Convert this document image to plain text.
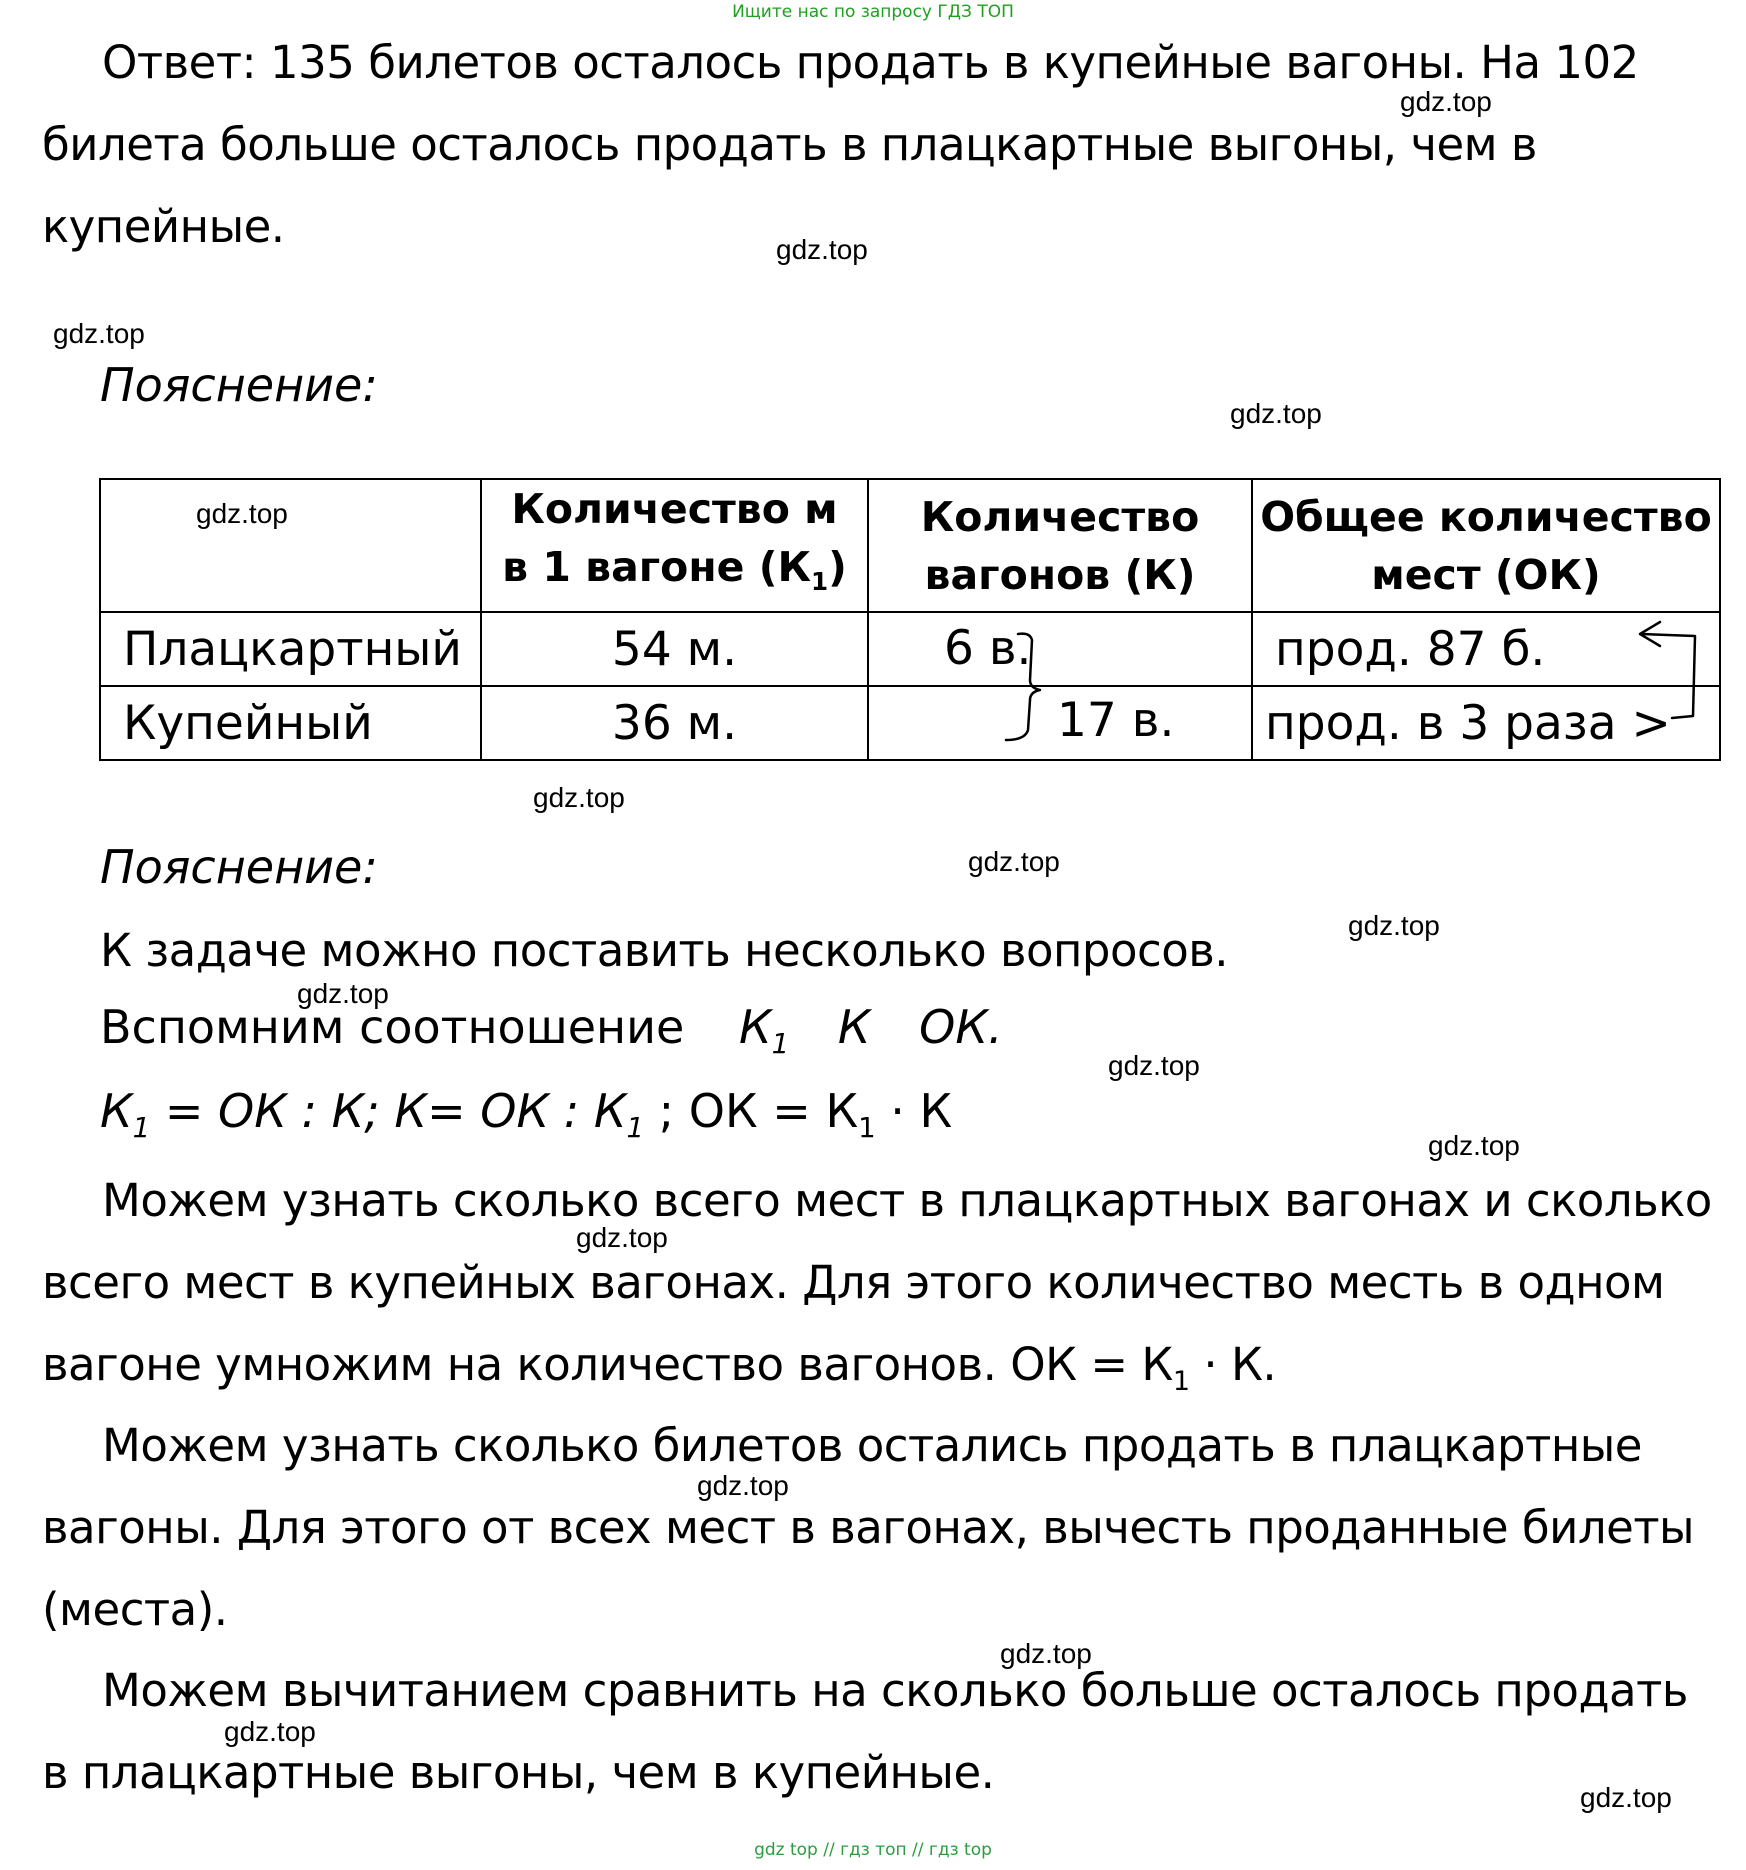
Ищите нас по запросу ГДЗ ТОП
Ответ: 135 билетов осталось продать в купейные вагоны. На 102 билета больше осталось продать в плацкартные выгоны, чем в купейные.
Пояснение:

	Количество м
в 1 вагоне $(К_1)$	Количество
вагонов (К)	Общее количество
мест (ОК)

Плацкартный	54 м.	6 в.	прод. 87 б.
Купейный	36 м.	17 в.	прод. в 3 раза >
Пояснение:
К задаче можно поставить несколько вопросов.
Вспомним соотношение $К_1$ К ОК.
$К_1$ = ОК : К; К= ОК : $К_1$ ; ОК = $К_1 \cdot К$
Можем узнать сколько всего мест в плацкартных вагонах и сколько всего мест в купейных вагонах. Для этого количество месть в одном вагоне умножим на количество вагонов. ОК = $К_1 \cdot К$.
Можем узнать сколько билетов остались продать в плацкартные вагоны. Для этого от всех мест в вагонах, вычесть проданные билеты (места).
Можем вычитанием сравнить на сколько больше осталось продать в плацкартные выгоны, чем в купейные.
gdz.top
gdz.top
gdz.top
gdz.top
gdz.top
gdz.top
gdz.top
gdz.top
gdz.top
gdz.top
gdz.top
gdz.top
gdz.top
gdz.top
gdz.top
gdz.top
gdz top // гдз топ // гдз top
